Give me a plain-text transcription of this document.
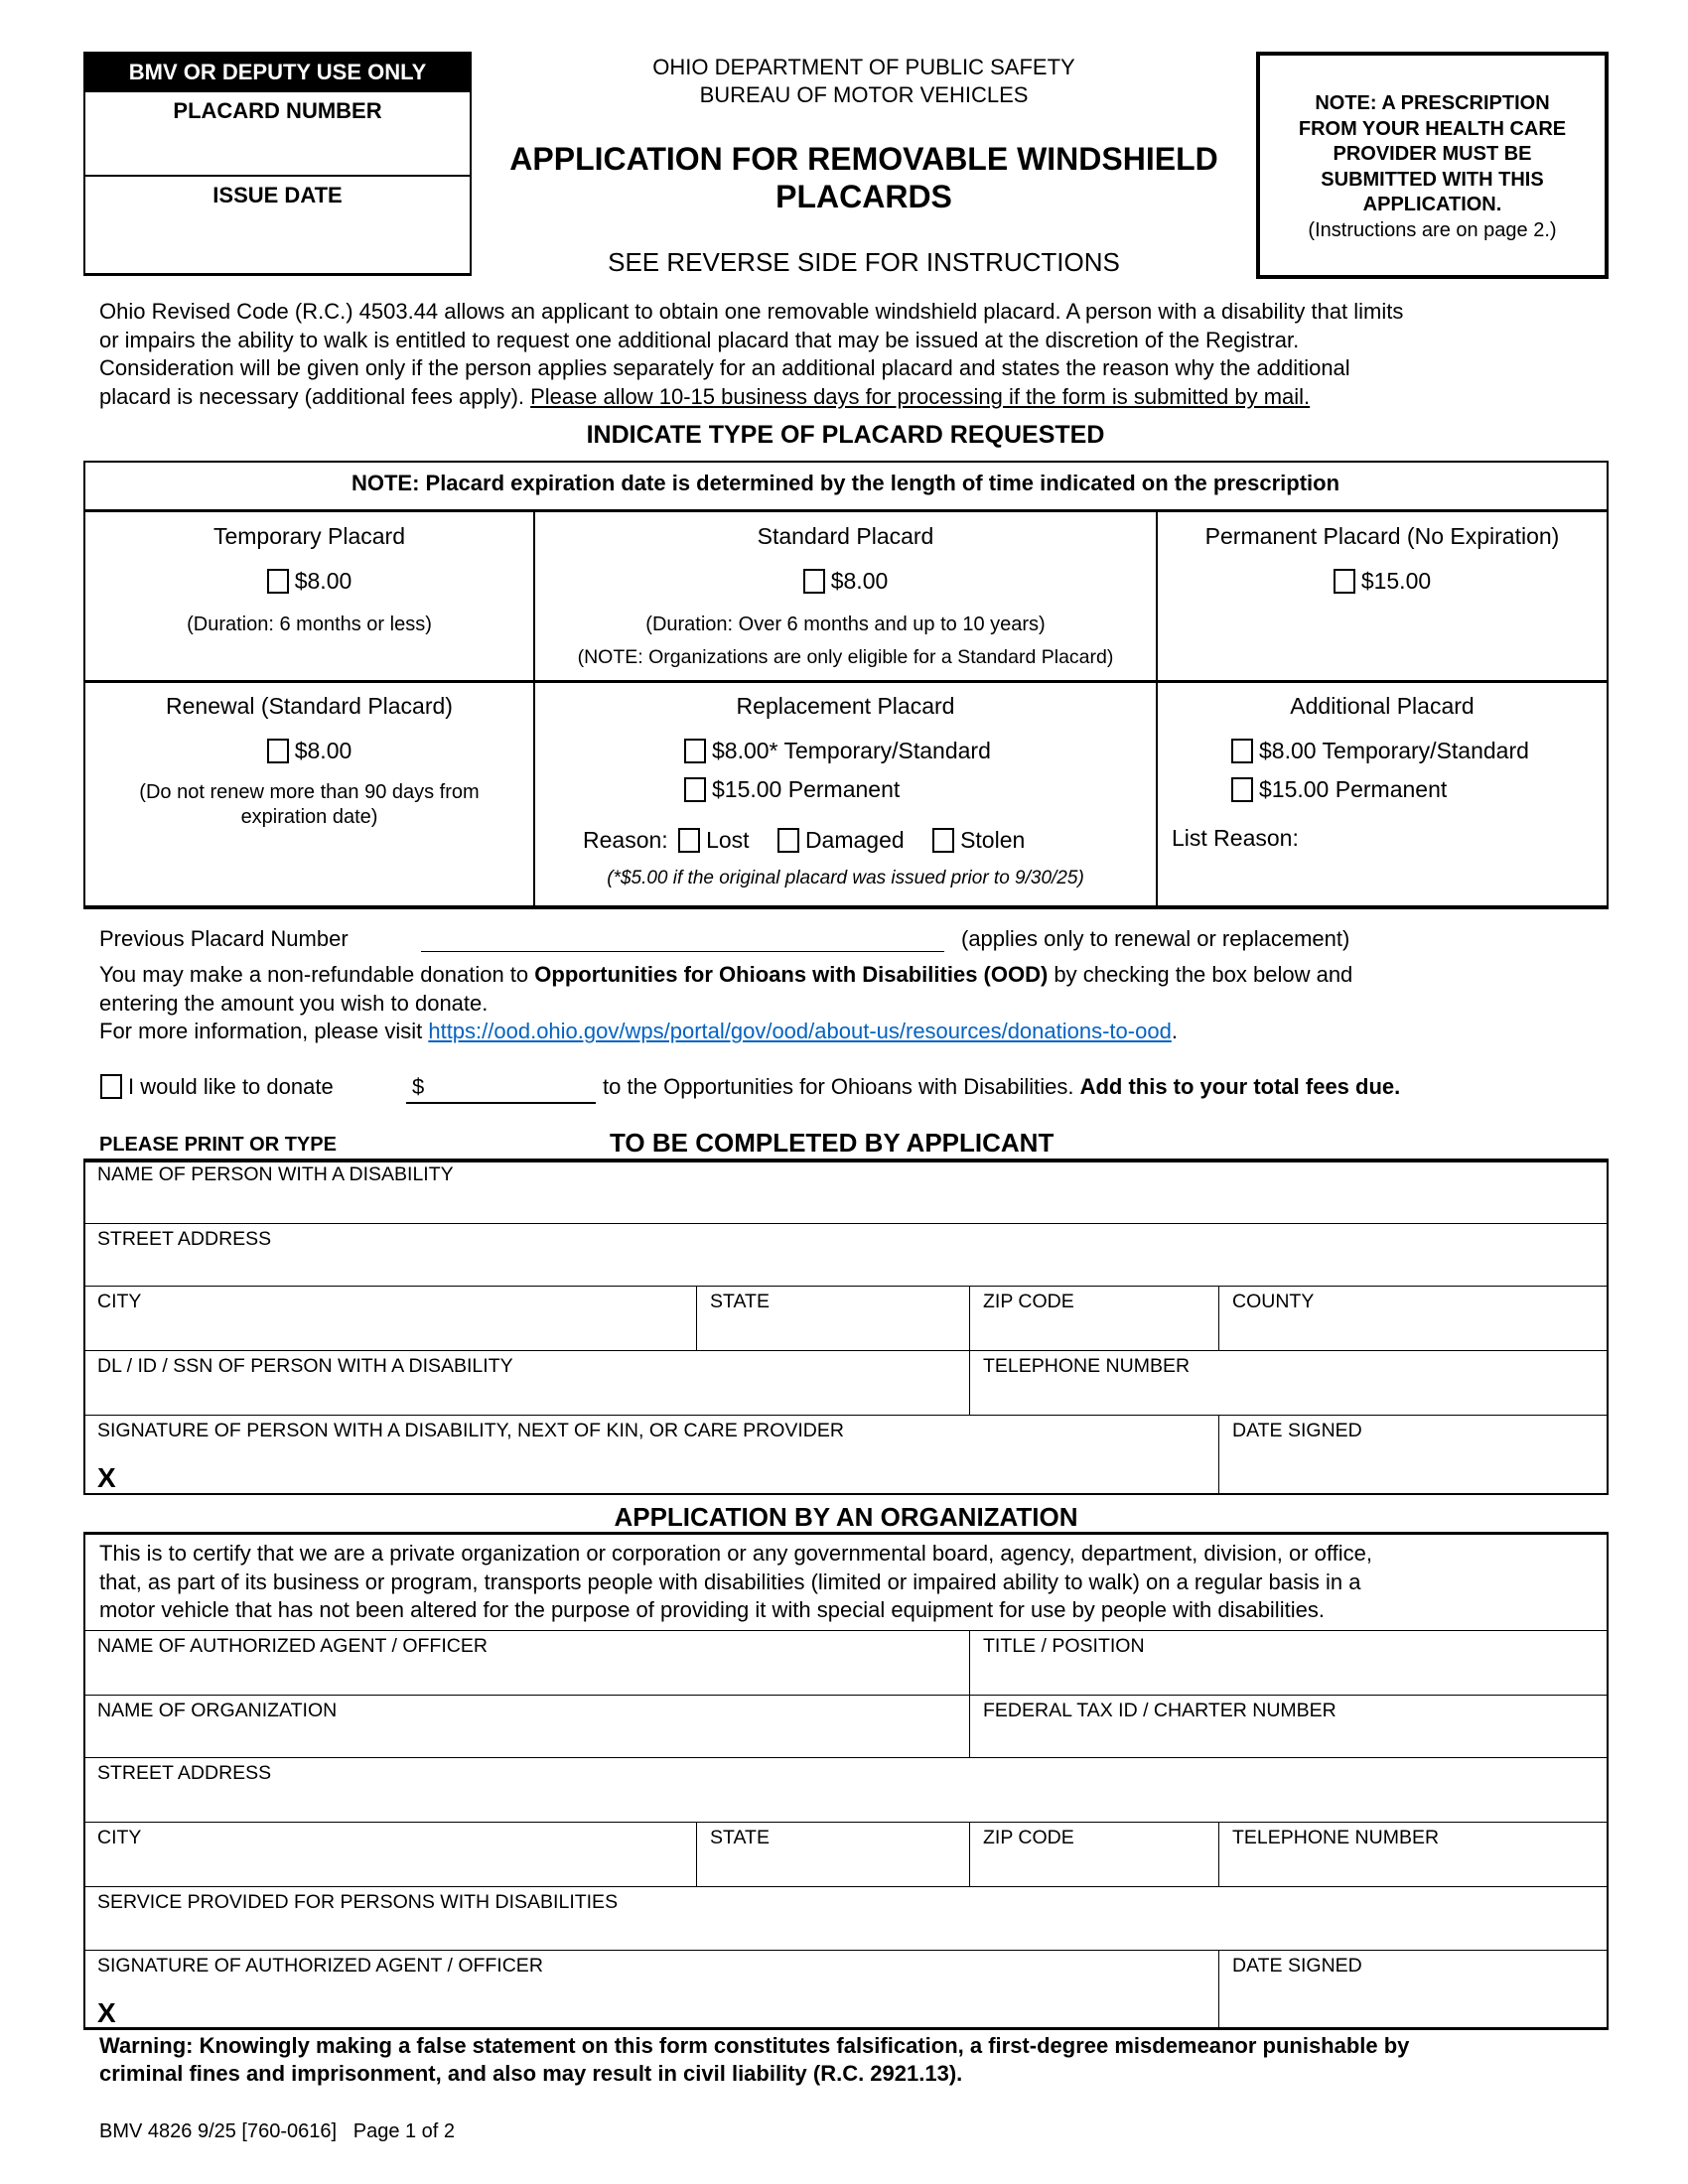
BMV OR DEPUTY USE ONLY
PLACARD NUMBER
ISSUE DATE
OHIO DEPARTMENT OF PUBLIC SAFETY
BUREAU OF MOTOR VEHICLES
APPLICATION FOR REMOVABLE WINDSHIELD
PLACARDS
SEE REVERSE SIDE FOR INSTRUCTIONS
NOTE: A PRESCRIPTION
FROM YOUR HEALTH CARE
PROVIDER MUST BE
SUBMITTED WITH THIS
APPLICATION.
(Instructions are on page 2.)
Ohio Revised Code (R.C.) 4503.44 allows an applicant to obtain one removable windshield placard. A person with a disability that limits
or impairs the ability to walk is entitled to request one additional placard that may be issued at the discretion of the Registrar.
Consideration will be given only if the person applies separately for an additional placard and states the reason why the additional
placard is necessary (additional fees apply). Please allow 10-15 business days for processing if the form is submitted by mail.
INDICATE TYPE OF PLACARD REQUESTED
NOTE: Placard expiration date is determined by the length of time indicated on the prescription
Temporary Placard
$8.00
(Duration: 6 months or less)
Standard Placard
$8.00
(Duration: Over 6 months and up to 10 years)
(NOTE: Organizations are only eligible for a Standard Placard)
Permanent Placard (No Expiration)
$15.00
Renewal (Standard Placard)
$8.00
(Do not renew more than 90 days from
expiration date)
Replacement Placard
$8.00* Temporary/Standard
$15.00 Permanent
Reason: Lost Damaged Stolen
(*$5.00 if the original placard was issued prior to 9/30/25)
Additional Placard
$8.00 Temporary/Standard
$15.00 Permanent
List Reason:
Previous Placard Number	(applies only to renewal or replacement)
You may make a non-refundable donation to Opportunities for Ohioans with Disabilities (OOD) by checking the box below and
entering the amount you wish to donate.
For more information, please visit https://ood.ohio.gov/wps/portal/gov/ood/about-us/resources/donations-to-ood.
I would like to donate	$	to the Opportunities for Ohioans with Disabilities. Add this to your total fees due.
PLEASE PRINT OR TYPE	TO BE COMPLETED BY APPLICANT
NAME OF PERSON WITH A DISABILITY
STREET ADDRESS
CITY	STATE	ZIP CODE	COUNTY
DL / ID / SSN OF PERSON WITH A DISABILITY	TELEPHONE NUMBER
SIGNATURE OF PERSON WITH A DISABILITY, NEXT OF KIN, OR CARE PROVIDER
X
DATE SIGNED
APPLICATION BY AN ORGANIZATION
This is to certify that we are a private organization or corporation or any governmental board, agency, department, division, or office,
that, as part of its business or program, transports people with disabilities (limited or impaired ability to walk) on a regular basis in a
motor vehicle that has not been altered for the purpose of providing it with special equipment for use by people with disabilities.
NAME OF AUTHORIZED AGENT / OFFICER	TITLE / POSITION
NAME OF ORGANIZATION	FEDERAL TAX ID / CHARTER NUMBER
STREET ADDRESS
CITY	STATE	ZIP CODE	TELEPHONE NUMBER
SERVICE PROVIDED FOR PERSONS WITH DISABILITIES
SIGNATURE OF AUTHORIZED AGENT / OFFICER
X
DATE SIGNED
Warning: Knowingly making a false statement on this form constitutes falsification, a first-degree misdemeanor punishable by
criminal fines and imprisonment, and also may result in civil liability (R.C. 2921.13).
BMV 4826 9/25 [760-0616]   Page 1 of 2
